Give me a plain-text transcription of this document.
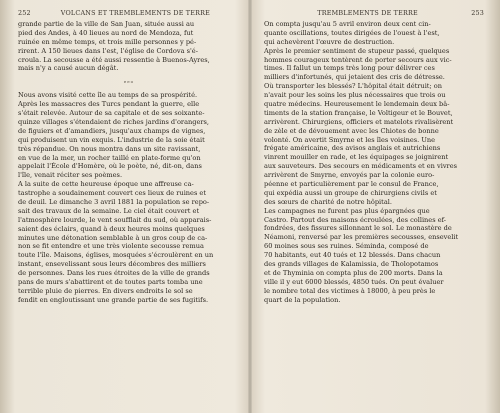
252	VOLCANS ET TREMBLEMENTS DE TERRE
grande partie de la ville de San Juan, située aussi au
pied des Andes, à 40 lieues au nord de Mendoza, fut
ruinée en même temps, et trois mille personnes y pé-
rirent. A 150 lieues dans l'est, l'église de Cordova s'é-
croula. La secousse a été aussi ressentie à Buenos-Ayres,
mais n'y a causé aucun dégât.
eeo
Nous avons visité cette île au temps de sa prospérité.
Après les massacres des Turcs pendant la guerre, elle
s'était relevée. Autour de sa capitale et de ses soixante-
quinze villages s'étendaient de riches jardins d'orangers,
de figuiers et d'amandiers, jusqu'aux champs de vignes,
qui produisent un vin exquis. L'industrie de la soie était
très répandue. On nous montra dans un site ravissant,
en vue de la mer, un rocher taillé en plate-forme qu'on
appelait l'École d'Homère, où le poète, né, dit-on, dans
l'île, venait réciter ses poèmes.
A la suite de cette heureuse époque une affreuse ca-
tastrophe a soudainement couvert ces lieux de ruines et
de deuil. Le dimanche 3 avril 1881 la population se repo-
sait des travaux de la semaine. Le ciel était couvert et
l'atmosphère lourde, le vent soufflait du sud, où apparais-
saient des éclairs, quand à deux heures moins quelques
minutes une détonation semblable à un gros coup de ca-
non se fit entendre et une très violente secousse remua
toute l'île. Maisons, églises, mosquées s'écroulèrent en un
instant, ensevelissant sous leurs décombres des milliers
de personnes. Dans les rues étroites de la ville de grands
pans de murs s'abattirent et de toutes parts tomba une
terrible pluie de pierres. En divers endroits le sol se
fendit en engloutissant une grande partie de ses fugitifs.
TREMBLEMENTS DE TERRE	253
On compta jusqu'au 5 avril environ deux cent cin-
quante oscillations, toutes dirigées de l'ouest à l'est,
qui achevèrent l'œuvre de destruction.
Après le premier sentiment de stupeur passé, quelques
hommes courageux tentèrent de porter secours aux vic-
times. Il fallut un temps très long pour délivrer ces
milliers d'infortunés, qui jetaient des cris de détresse.
Où transporter les blessés? L'hôpital était détruit; on
n'avait pour les soins les plus nécessaires que trois ou
quatre médecins. Heureusement le lendemain deux bâ-
timents de la station française, le Voltigeur et le Bouvet,
arrivèrent. Chirurgiens, officiers et matelots rivalisèrent
de zèle et de dévouement avec les Chiotes de bonne
volonté. On avertit Smyrne et les îles voisines. Une
frégate américaine, des avisos anglais et autrichiens
vinrent mouiller en rade, et les équipages se joignirent
aux sauveteurs. Des secours en médicaments et en vivres
arrivèrent de Smyrne, envoyés par la colonie euro-
péenne et particulièrement par le consul de France,
qui expédia aussi un groupe de chirurgiens civils et
des sœurs de charité de notre hôpital.
Les campagnes ne furent pas plus épargnées que
Castro. Partout des maisons écroulées, des collines ef-
fondrées, des fissures sillonnant le sol. Le monastère de
Néamoni, renversé par les premières secousses, ensevelit
60 moines sous ses ruines. Séminda, composé de
70 habitants, eut 40 tués et 12 blessés. Dans chacun
des grands villages de Kalamissia, de Tholopotamos
et de Thyminia on compta plus de 200 morts. Dans la
ville il y eut 6000 blessés, 4850 tués. On peut évaluer
le nombre total des victimes à 18000, à peu près le
quart de la population.
